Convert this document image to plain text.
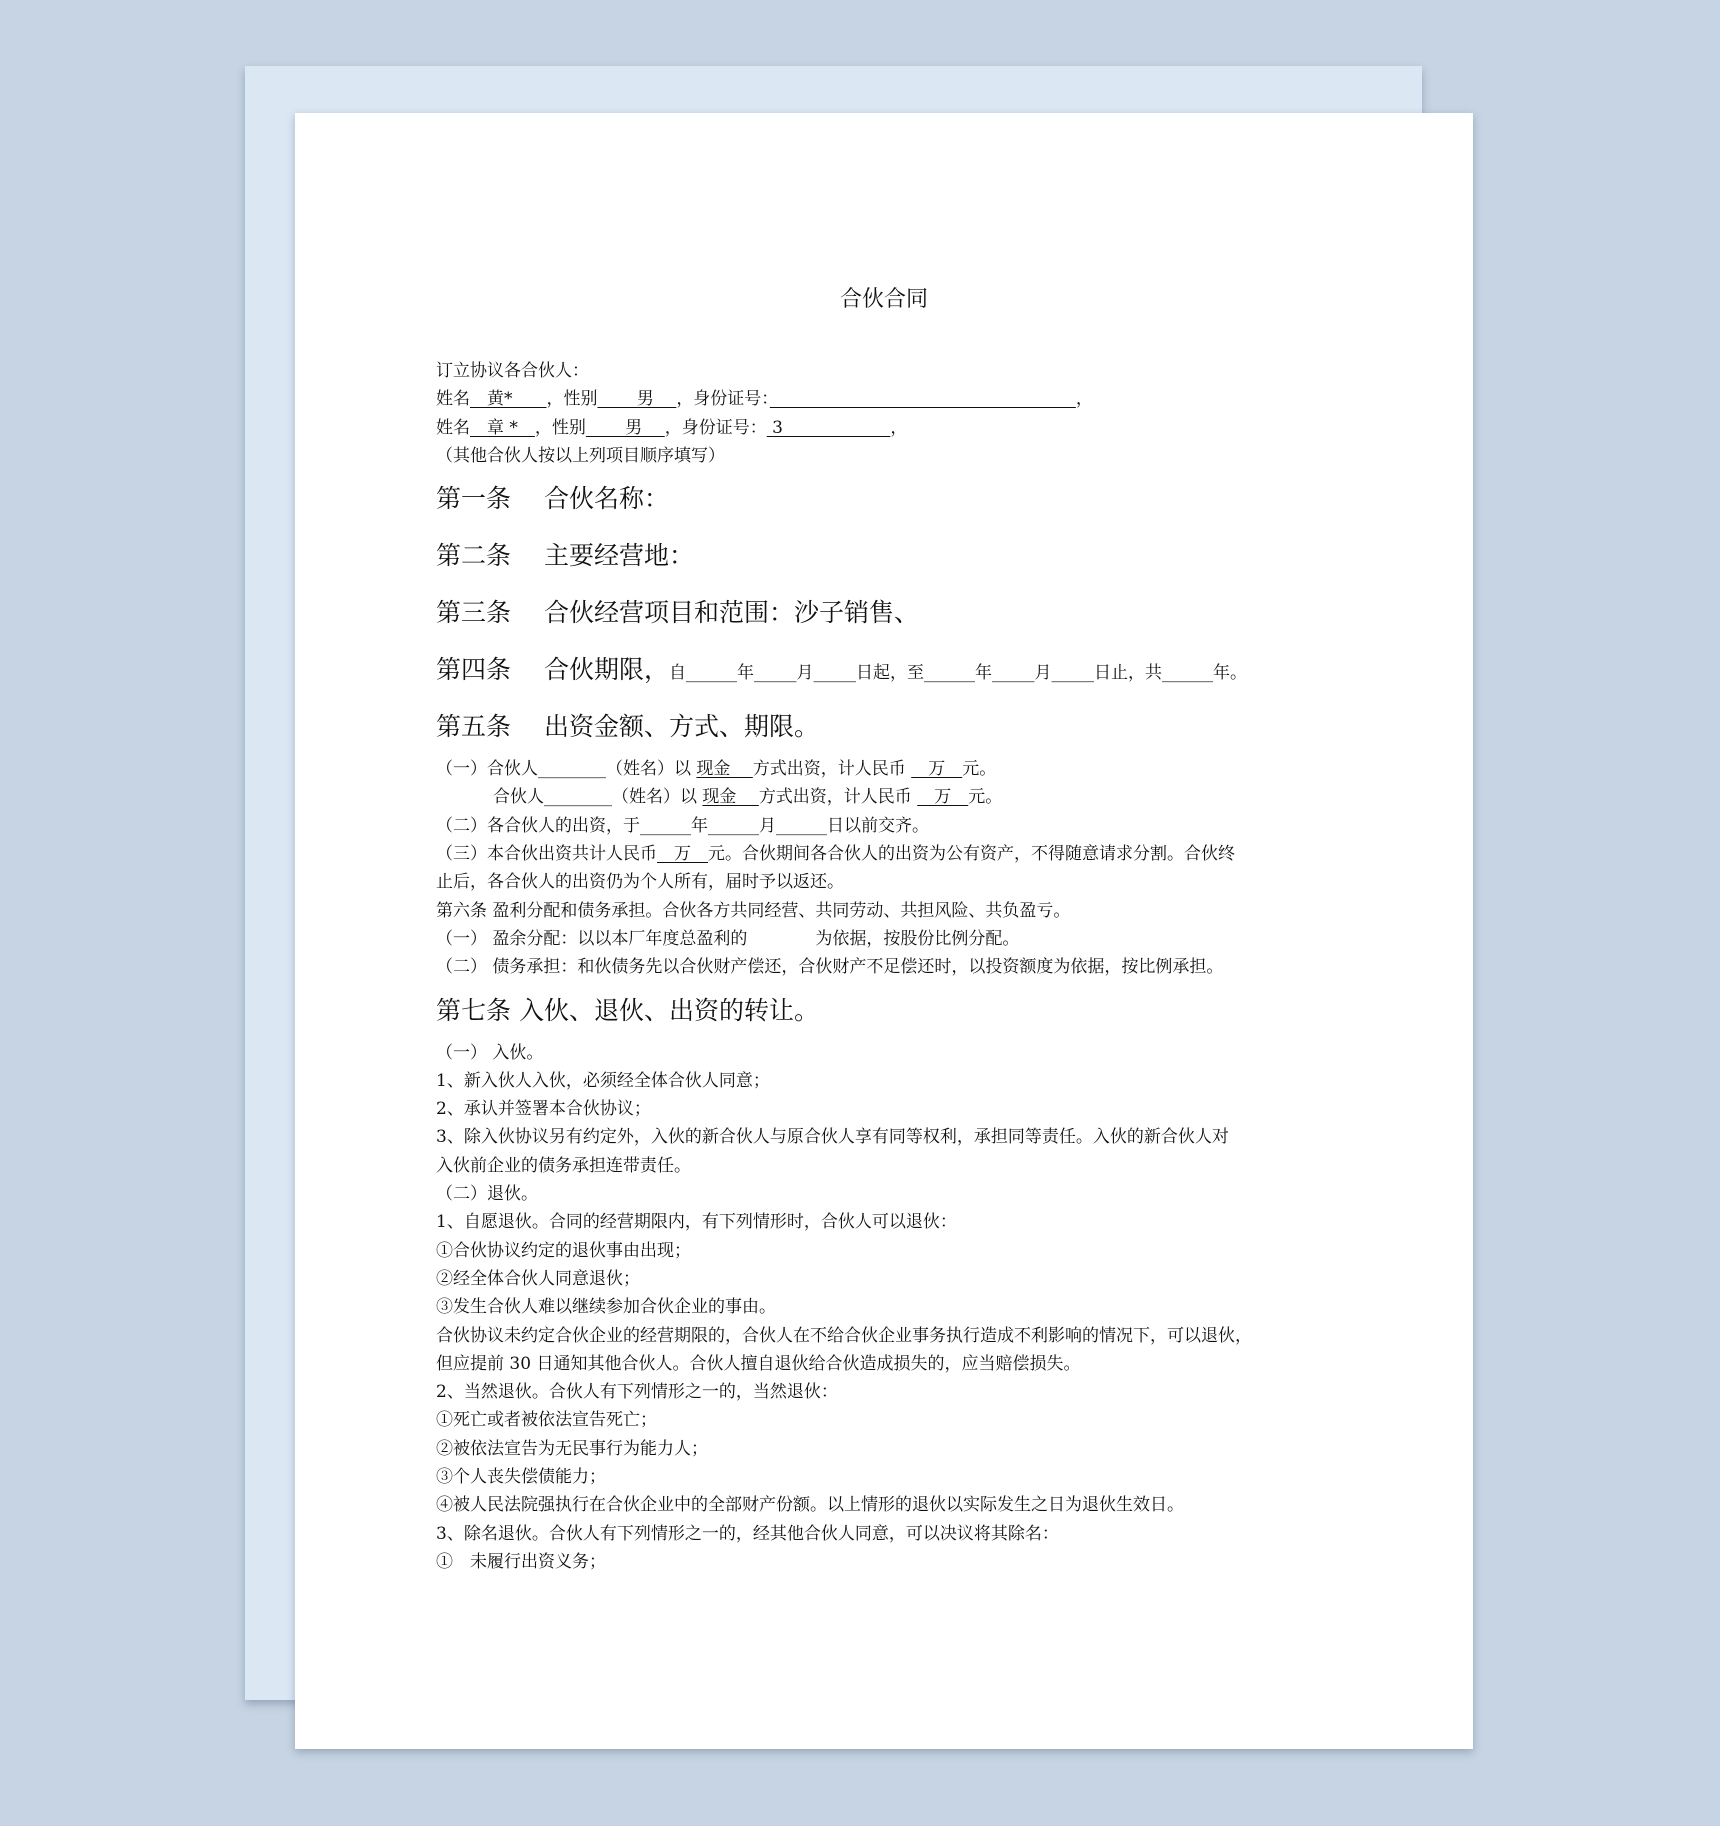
合伙合同
订立协议各合伙人：
姓名　黄*　　，性别　　 男　 ，身份证号：　　　　　　　　　　　　　　　　　　	，
姓名　章 *　，性别　　 男　 ，身份证号： 3　　　　　　 ，
（其他合伙人按以上列项目顺序填写）
第一条　 合伙名称：
第二条　 主要经营地：
第三条　 合伙经营项目和范围：沙子销售、
第四条　 合伙期限，自______年_____月_____日起，至______年_____月_____日止，共______年。
第五条　 出资金额、方式、期限。
（一）合伙人________（姓名）以 现金　 方式出资，计人民币 　万　元。
合伙人________（姓名）以 现金　 方式出资，计人民币 　万　元。
（二）各合伙人的出资，于______年______月______日以前交齐。
（三）本合伙出资共计人民币　万　元。合伙期间各合伙人的出资为公有资产，不得随意请求分割。合伙终
止后，各合伙人的出资仍为个人所有，届时予以返还。
第六条 盈利分配和债务承担。合伙各方共同经营、共同劳动、共担风险、共负盈亏。
（一） 盈余分配：以以本厂年度总盈利的　　　　为依据，按股份比例分配。
（二） 债务承担：和伙债务先以合伙财产偿还，合伙财产不足偿还时，以投资额度为依据，按比例承担。
第七条 入伙、退伙、出资的转让。
（一） 入伙。
1、新入伙人入伙，必须经全体合伙人同意；
2、承认并签署本合伙协议；
3、除入伙协议另有约定外，入伙的新合伙人与原合伙人享有同等权利，承担同等责任。入伙的新合伙人对
入伙前企业的债务承担连带责任。
（二）退伙。
1、自愿退伙。合同的经营期限内，有下列情形时，合伙人可以退伙：
①合伙协议约定的退伙事由出现；
②经全体合伙人同意退伙；
③发生合伙人难以继续参加合伙企业的事由。
合伙协议未约定合伙企业的经营期限的，合伙人在不给合伙企业事务执行造成不利影响的情况下，可以退伙，
但应提前 30 日通知其他合伙人。合伙人擅自退伙给合伙造成损失的，应当赔偿损失。
2、当然退伙。合伙人有下列情形之一的，当然退伙：
①死亡或者被依法宣告死亡；
②被依法宣告为无民事行为能力人；
③个人丧失偿债能力；
④被人民法院强执行在合伙企业中的全部财产份额。以上情形的退伙以实际发生之日为退伙生效日。
3、除名退伙。合伙人有下列情形之一的，经其他合伙人同意，可以决议将其除名：
①　未履行出资义务；
